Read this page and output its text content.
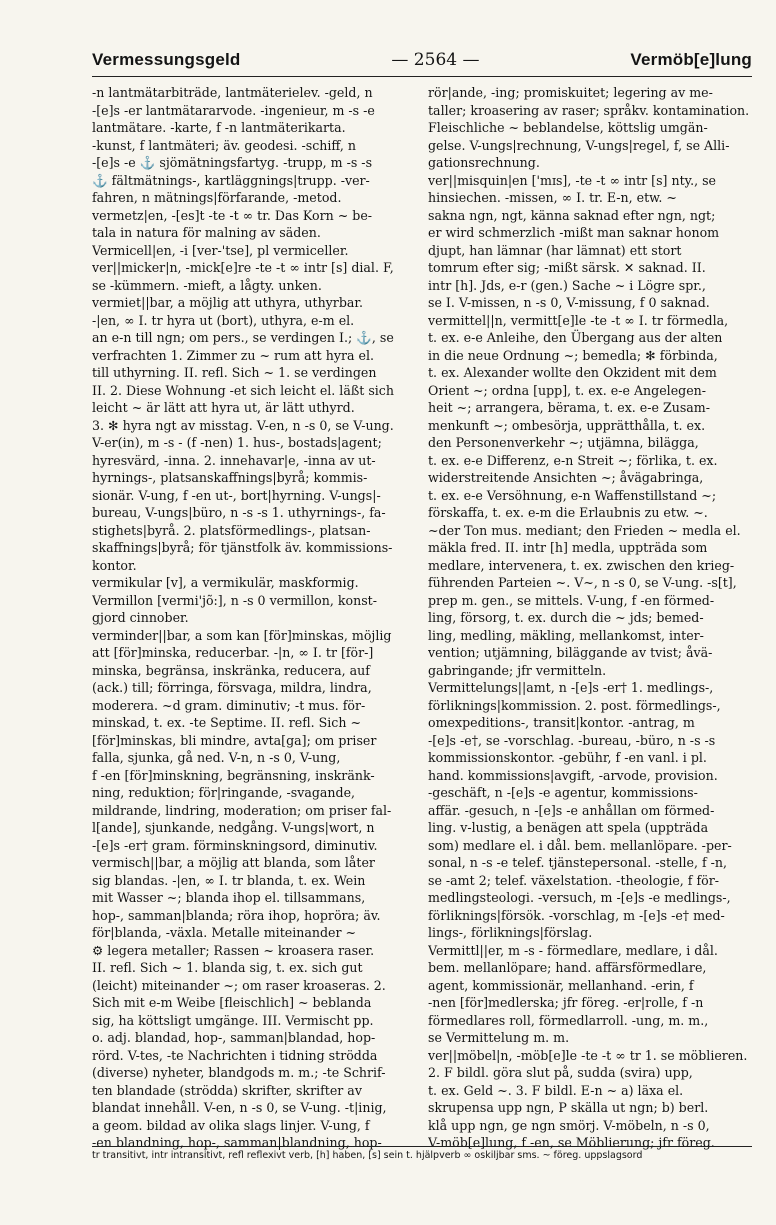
Vermessungsgeld	— 2564 —	Vermöb[e]lung
-n lantmätarbiträde, lantmäterielev. -geld, n
-[e]s -er lantmätararvode. -ingenieur, m -s -e
lantmätare. -karte, f -n lantmäterikarta.
-kunst, f lantmäteri; äv. geodesi. -schiff, n
-[e]s -e ⚓ sjömätningsfartyg. -trupp, m -s -s
⚓ fältmätnings-, kartläggnings|trupp. -ver-
fahren, n mätnings|förfarande, -metod.
vermetz|en, -[es]t -te -t ∞ tr. Das Korn ~ be-
tala in natura för malning av säden.
Vermicell|en, -i [ver-'tse], pl vermiceller.
ver||micker|n, -mick[e]re -te -t ∞ intr [s] dial. F,
se -kümmern. -mieft, a lågty. unken.
vermiet||bar, a möjlig att uthyra, uthyrbar.
-|en, ∞ I. tr hyra ut (bort), uthyra, e-m el.
an e-n till ngn; om pers., se verdingen I.; ⚓, se
verfrachten 1. Zimmer zu ~ rum att hyra el.
till uthyrning. II. refl. Sich ~ 1. se verdingen
II. 2. Diese Wohnung -et sich leicht el. läßt sich
leicht ~ är lätt att hyra ut, är lätt uthyrd.
3. ✻ hyra ngt av misstag. V-en, n -s 0, se V-ung.
V-er(in), m -s - (f -nen) 1. hus-, bostads|agent;
hyresvärd, -inna. 2. innehavar|e, -inna av ut-
hyrnings-, platsanskaffnings|byrå; kommis-
sionär. V-ung, f -en ut-, bort|hyrning. V-ungs|-
bureau, V-ungs|büro, n -s -s 1. uthyrnings-, fa-
stighets|byrå. 2. platsförmedlings-, platsan-
skaffnings|byrå; för tjänstfolk äv. kommissions-
kontor.
vermikular [v], a vermikulär, maskformig.
Vermillon [vermi'jõ:], n -s 0 vermillon, konst-
gjord cinnober.
verminder||bar, a som kan [för]minskas, möjlig
att [för]minska, reducerbar. -|n, ∞ I. tr [för-]
minska, begränsa, inskränka, reducera, auf
(ack.) till; förringa, försvaga, mildra, lindra,
moderera. ~d gram. diminutiv; -t mus. för-
minskad, t. ex. -te Septime. II. refl. Sich ~
[för]minskas, bli mindre, avta[ga]; om priser
falla, sjunka, gå ned. V-n, n -s 0, V-ung,
f -en [för]minskning, begränsning, inskränk-
ning, reduktion; för|ringande, -svagande,
mildrande, lindring, moderation; om priser fal-
l[ande], sjunkande, nedgång. V-ungs|wort, n
-[e]s -er† gram. förminskningsord, diminutiv.
vermisch||bar, a möjlig att blanda, som låter
sig blandas. -|en, ∞ I. tr blanda, t. ex. Wein
mit Wasser ~; blanda ihop el. tillsammans,
hop-, samman|blanda; röra ihop, hopröra; äv.
för|blanda, -växla. Metalle miteinander ~
⚙ legera metaller; Rassen ~ kroasera raser.
II. refl. Sich ~ 1. blanda sig, t. ex. sich gut
(leicht) miteinander ~; om raser kroaseras. 2.
Sich mit e-m Weibe [fleischlich] ~ beblanda
sig, ha köttsligt umgänge. III. Vermischt pp.
o. adj. blandad, hop-, samman|blandad, hop-
rörd. V-tes, -te Nachrichten i tidning strödda
(diverse) nyheter, blandgods m. m.; -te Schrif-
ten blandade (strödda) skrifter, skrifter av
blandat innehåll. V-en, n -s 0, se V-ung. -t|inig,
a geom. bildad av olika slags linjer. V-ung, f
-en blandning, hop-, samman|blandning, hop-
rör|ande, -ing; promiskuitet; legering av me-
taller; kroasering av raser; språkv. kontamination.
Fleischliche ~ beblandelse, köttslig umgän-
gelse. V-ungs|rechnung, V-ungs|regel, f, se Alli-
gationsrechnung.
ver||misquin|en ['mɪs], -te -t ∞ intr [s] nty., se
hinsiechen. -missen, ∞ I. tr. E-n, etw. ~
sakna ngn, ngt, känna saknad efter ngn, ngt;
er wird schmerzlich -mißt man saknar honom
djupt, han lämnar (har lämnat) ett stort
tomrum efter sig; -mißt särsk. ✕ saknad. II.
intr [h]. Jds, e-r (gen.) Sache ~ i Lögre spr.,
se I. V-missen, n -s 0, V-missung, f 0 saknad.
vermittel||n, vermitt[e]le -te -t ∞ I. tr förmedla,
t. ex. e-e Anleihe, den Übergang aus der alten
in die neue Ordnung ~; bemedla; ✻ förbinda,
t. ex. Alexander wollte den Okzident mit dem
Orient ~; ordna [upp], t. ex. e-e Angelegen-
heit ~; arrangera, bërama, t. ex. e-e Zusam-
menkunft ~; ombesörja, upprätthålla, t. ex.
den Personenverkehr ~; utjämna, bilägga,
t. ex. e-e Differenz, e-n Streit ~; förlika, t. ex.
widerstreitende Ansichten ~; åvägabringa,
t. ex. e-e Versöhnung, e-n Waffenstillstand ~;
förskaffa, t. ex. e-m die Erlaubnis zu etw. ~.
~der Ton mus. mediant; den Frieden ~ medla el.
mäkla fred. II. intr [h] medla, uppträda som
medlare, intervenera, t. ex. zwischen den krieg-
führenden Parteien ~. V~, n -s 0, se V-ung. -s[t],
prep m. gen., se mittels. V-ung, f -en förmed-
ling, försorg, t. ex. durch die ~ jds; bemed-
ling, medling, mäkling, mellankomst, inter-
vention; utjämning, biläggande av tvist; åvä-
gabringande; jfr vermitteln.
Vermittelungs||amt, n -[e]s -er† 1. medlings-,
förliknings|kommission. 2. post. förmedlings-,
omexpeditions-, transit|kontor. -antrag, m
-[e]s -e†, se -vorschlag. -bureau, -büro, n -s -s
kommissionskontor. -gebühr, f -en vanl. i pl.
hand. kommissions|avgift, -arvode, provision.
-geschäft, n -[e]s -e agentur, kommissions-
affär. -gesuch, n -[e]s -e anhållan om förmed-
ling. v-lustig, a benägen att spela (uppträda
som) medlare el. i dål. bem. mellanlöpare. -per-
sonal, n -s -e telef. tjänstepersonal. -stelle, f -n,
se -amt 2; telef. växelstation. -theologie, f för-
medlingsteologi. -versuch, m -[e]s -e medlings-,
förliknings|försök. -vorschlag, m -[e]s -e† med-
lings-, förliknings|förslag.
Vermittl||er, m -s - förmedlare, medlare, i dål.
bem. mellanlöpare; hand. affärsförmedlare,
agent, kommissionär, mellanhand. -erin, f
-nen [för]medlerska; jfr föreg. -er|rolle, f -n
förmedlares roll, förmedlarroll. -ung, m. m.,
se Vermittelung m. m.
ver||möbel|n, -möb[e]le -te -t ∞ tr 1. se möblieren.
2. F bildl. göra slut på, sudda (svira) upp,
t. ex. Geld ~. 3. F bildl. E-n ~ a) läxa el.
skrupensa upp ngn, P skälla ut ngn; b) berl.
klå upp ngn, ge ngn smörj. V-möbeln, n -s 0,
V-möb[e]lung, f -en, se Möblierung; jfr föreg.
tr transitivt, intr intransitivt, refl reflexivt verb, [h] haben, [s] sein t. hjälpverb ∞ oskiljbar sms. ~ föreg. uppslagsord
